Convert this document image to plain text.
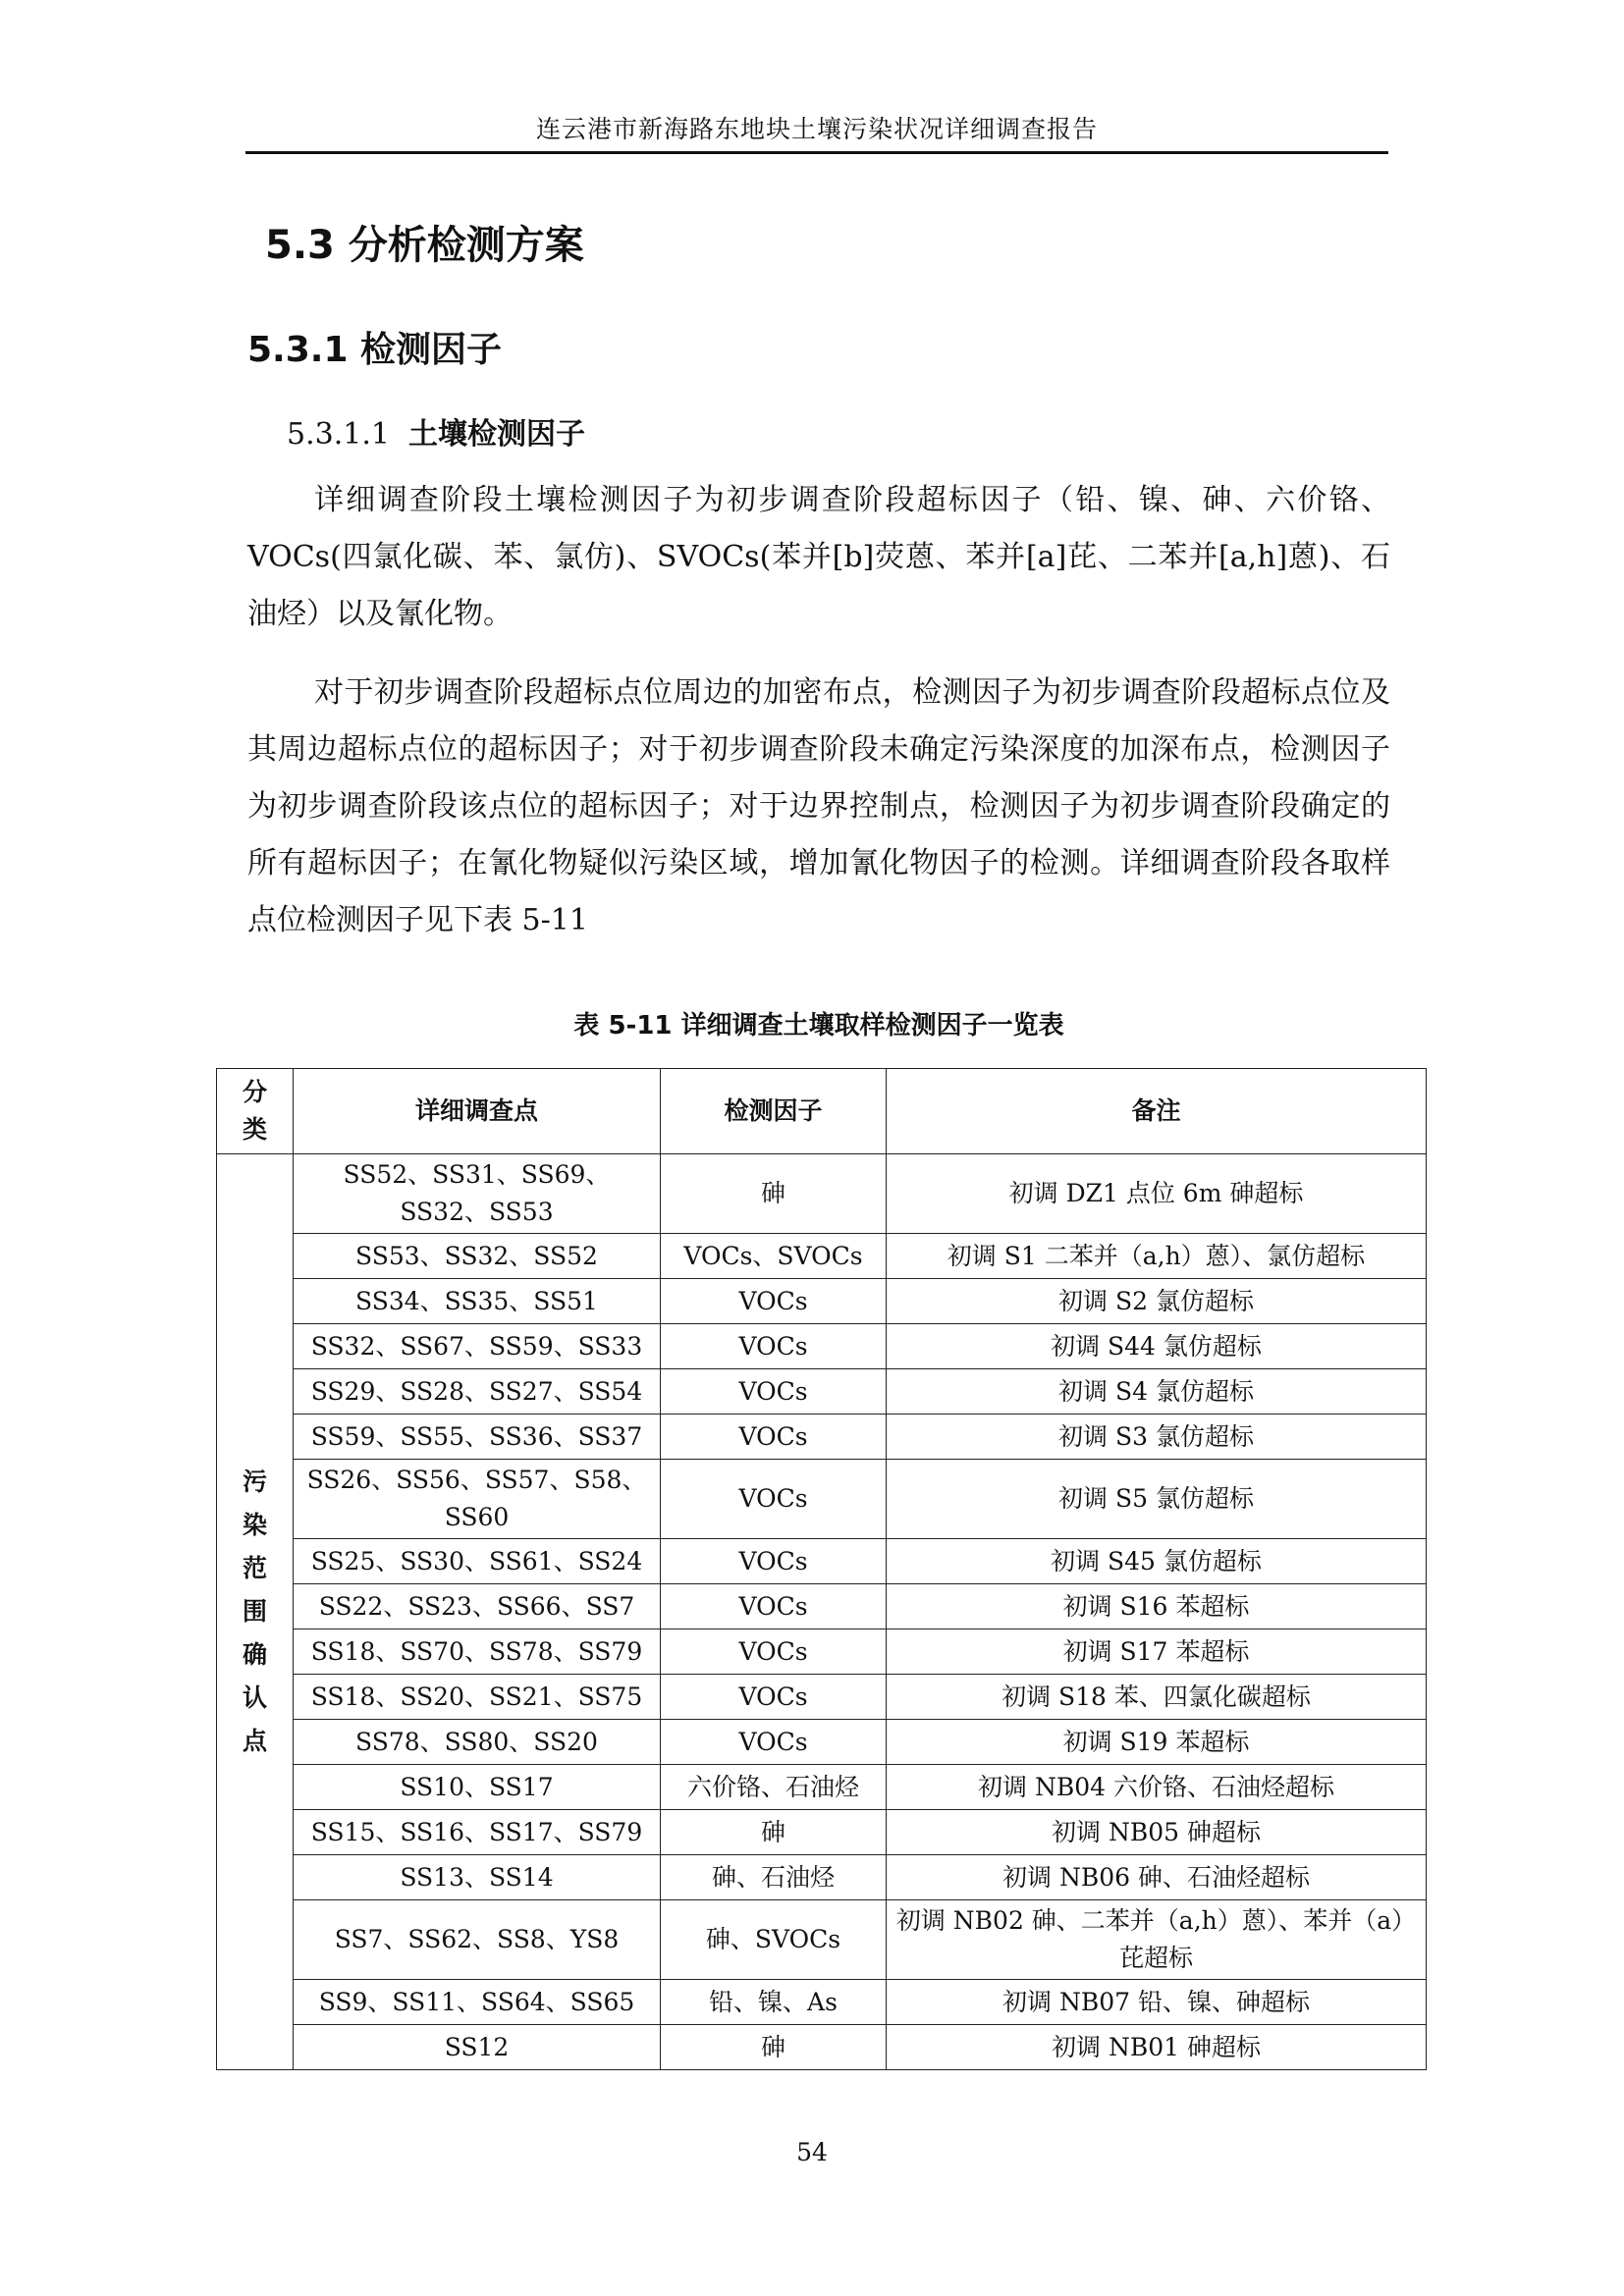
连云港市新海路东地块土壤污染状况详细调查报告
5.3 分析检测方案
5.3.1 检测因子
5.3.1.1 土壤检测因子

详细调查阶段土壤检测因子为初步调查阶段超标因子（铅、镍、砷、六价铬、VOCs(四氯化碳、苯、氯仿)、SVOCs(苯并[b]荧蒽、苯并[a]芘、二苯并[a,h]蒽)、石油烃）以及氰化物。

对于初步调查阶段超标点位周边的加密布点，检测因子为初步调查阶段超标点位及其周边超标点位的超标因子；对于初步调查阶段未确定污染深度的加深布点，检测因子为初步调查阶段该点位的超标因子；对于边界控制点，检测因子为初步调查阶段确定的所有超标因子；在氰化物疑似污染区域，增加氰化物因子的检测。详细调查阶段各取样点位检测因子见下表 5-11

表 5-11 详细调查土壤取样检测因子一览表
分类	详细调查点	检测因子	备注
污染范围确认点	SS52、SS31、SS69、SS32、SS53	砷	初调 DZ1 点位 6m 砷超标
	SS53、SS32、SS52	VOCs、SVOCs	初调 S1 二苯并（a,h）蒽）、氯仿超标
	SS34、SS35、SS51	VOCs	初调 S2 氯仿超标
	SS32、SS67、SS59、SS33	VOCs	初调 S44 氯仿超标
	SS29、SS28、SS27、SS54	VOCs	初调 S4 氯仿超标
	SS59、SS55、SS36、SS37	VOCs	初调 S3 氯仿超标
	SS26、SS56、SS57、S58、SS60	VOCs	初调 S5 氯仿超标
	SS25、SS30、SS61、SS24	VOCs	初调 S45 氯仿超标
	SS22、SS23、SS66、SS7	VOCs	初调 S16 苯超标
	SS18、SS70、SS78、SS79	VOCs	初调 S17 苯超标
	SS18、SS20、SS21、SS75	VOCs	初调 S18 苯、四氯化碳超标
	SS78、SS80、SS20	VOCs	初调 S19 苯超标
	SS10、SS17	六价铬、石油烃	初调 NB04 六价铬、石油烃超标
	SS15、SS16、SS17、SS79	砷	初调 NB05 砷超标
	SS13、SS14	砷、石油烃	初调 NB06 砷、石油烃超标
	SS7、SS62、SS8、YS8	砷、SVOCs	初调 NB02 砷、二苯并（a,h）蒽）、苯并（a）芘超标
	SS9、SS11、SS64、SS65	铅、镍、As	初调 NB07 铅、镍、砷超标
	SS12	砷	初调 NB01 砷超标
54
